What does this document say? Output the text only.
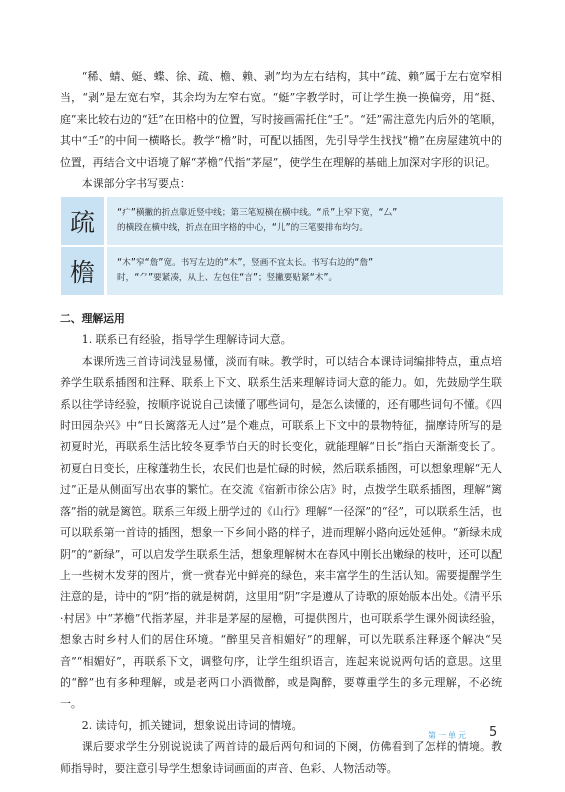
“稀、蜻、蜓、蝶、徐、疏、檐、赖、剥”均为左右结构，其中“疏、赖”属于左右宽窄相当，“剥”是左宽右窄，其余均为左窄右宽。“蜓”字教学时，可让学生换一换偏旁，用“挺、庭”来比较右边的“廷”在田格中的位置，写时接画需托住“壬”。“廷”需注意先内后外的笔顺，其中“壬”的中间一横略长。教学“檐”时，可配以插图，先引导学生找找“檐”在房屋建筑中的位置，再结合文中语境了解“茅檐”代指“茅屋”，使学生在理解的基础上加深对字形的识记。

本课部分字书写要点：

疏	“疒”横撇的折点靠近竖中线；第三笔短横在横中线。“𠂢”上窄下宽，“厶”
的横段在横中线，折点在田字格的中心，“儿”的三笔要排布均匀。
檐	“木”窄“詹”宽。书写左边的“木”，竖画不宜太长。书写右边的“詹”
时，“⺈”要紧凑，从上、左包住“言”；竖撇要贴紧“木”。

二、理解运用

1. 联系已有经验，指导学生理解诗词大意。

本课所选三首诗词浅显易懂，淡而有味。教学时，可以结合本课诗词编排特点，重点培养学生联系插图和注释、联系上下文、联系生活来理解诗词大意的能力。如，先鼓励学生联系以往学诗经验，按顺序说说自己读懂了哪些词句，是怎么读懂的，还有哪些词句不懂。《四时田园杂兴》中“日长篱落无人过”是个难点，可联系上下文中的景物特征，揣摩诗所写的是初夏时光，再联系生活比较冬夏季节白天的时长变化，就能理解“日长”指白天渐渐变长了。初夏白日变长，庄稼蓬勃生长，农民们也是忙碌的时候，然后联系插图，可以想象理解“无人过”正是从侧面写出农事的繁忙。在交流《宿新市徐公店》时，点拨学生联系插图，理解“篱落”指的就是篱笆。联系三年级上册学过的《山行》理解“一径深”的“径”，可以联系生活，也可以联系第一首诗的插图，想象一下乡间小路的样子，进而理解小路向远处延伸。“新绿未成阴”的“新绿”，可以启发学生联系生活，想象理解树木在春风中刚长出嫩绿的枝叶，还可以配上一些树木发芽的图片，赏一赏春光中鲜亮的绿色，来丰富学生的生活认知。需要提醒学生注意的是，诗中的“阴”指的就是树荫，这里用“阴”字是遵从了诗歌的原始版本出处。《清平乐·村居》中“茅檐”代指茅屋，并非是茅屋的屋檐，可提供图片，也可联系学生课外阅读经验，想象古时乡村人们的居住环境。“醉里吴音相媚好”的理解，可以先联系注释逐个解决“吴音”“相媚好”，再联系下文，调整句序，让学生组织语言，连起来说说两句话的意思。这里的“醉”也有多种理解，或是老两口小酒微醉，或是陶醉，要尊重学生的多元理解，不必统一。

2. 读诗句，抓关键词，想象说出诗词的情境。

课后要求学生分别说说读了两首诗的最后两句和词的下阕，仿佛看到了怎样的情境。教师指导时，要注意引导学生想象诗词画面的声音、色彩、人物活动等。

第一单元 5
